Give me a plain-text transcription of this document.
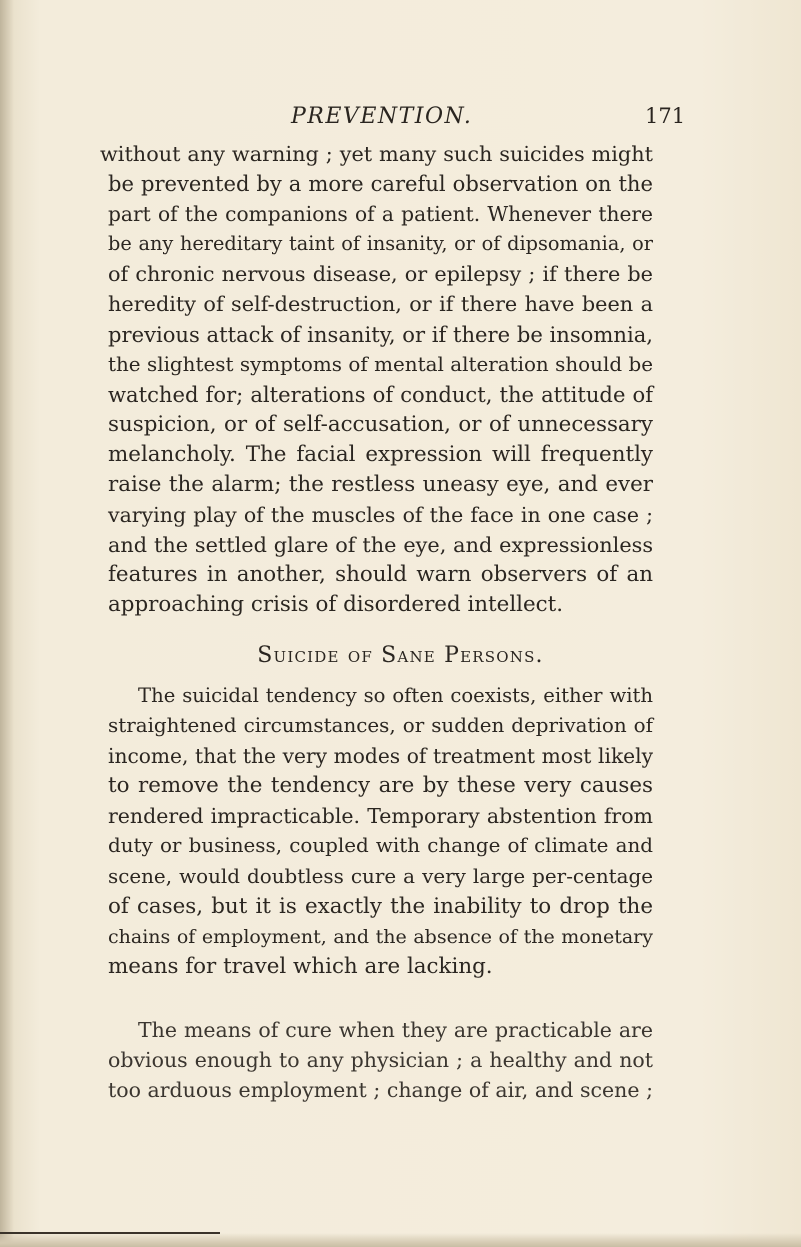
PREVENTION.	171
without any warning ; yet many such suicides might
be prevented by a more careful observation on the
part of the companions of a patient. Whenever there
be any hereditary taint of insanity, or of dipsomania, or
of chronic nervous disease, or epilepsy ; if there be
heredity of self-destruction, or if there have been a
previous attack of insanity, or if there be insomnia,
the slightest symptoms of mental alteration should be
watched for; alterations of conduct, the attitude of
suspicion, or of self-accusation, or of unnecessary
melancholy. The facial expression will frequently
raise the alarm; the restless uneasy eye, and ever
varying play of the muscles of the face in one case ;
and the settled glare of the eye, and expressionless
features in another, should warn observers of an
approaching crisis of disordered intellect.
Suicide of Sane Persons.
The suicidal tendency so often coexists, either with
straightened circumstances, or sudden deprivation of
income, that the very modes of treatment most likely
to remove the tendency are by these very causes
rendered impracticable. Temporary abstention from
duty or business, coupled with change of climate and
scene, would doubtless cure a very large per-centage
of cases, but it is exactly the inability to drop the
chains of employment, and the absence of the monetary
means for travel which are lacking.
The means of cure when they are practicable are
obvious enough to any physician ; a healthy and not
too arduous employment ; change of air, and scene ;
